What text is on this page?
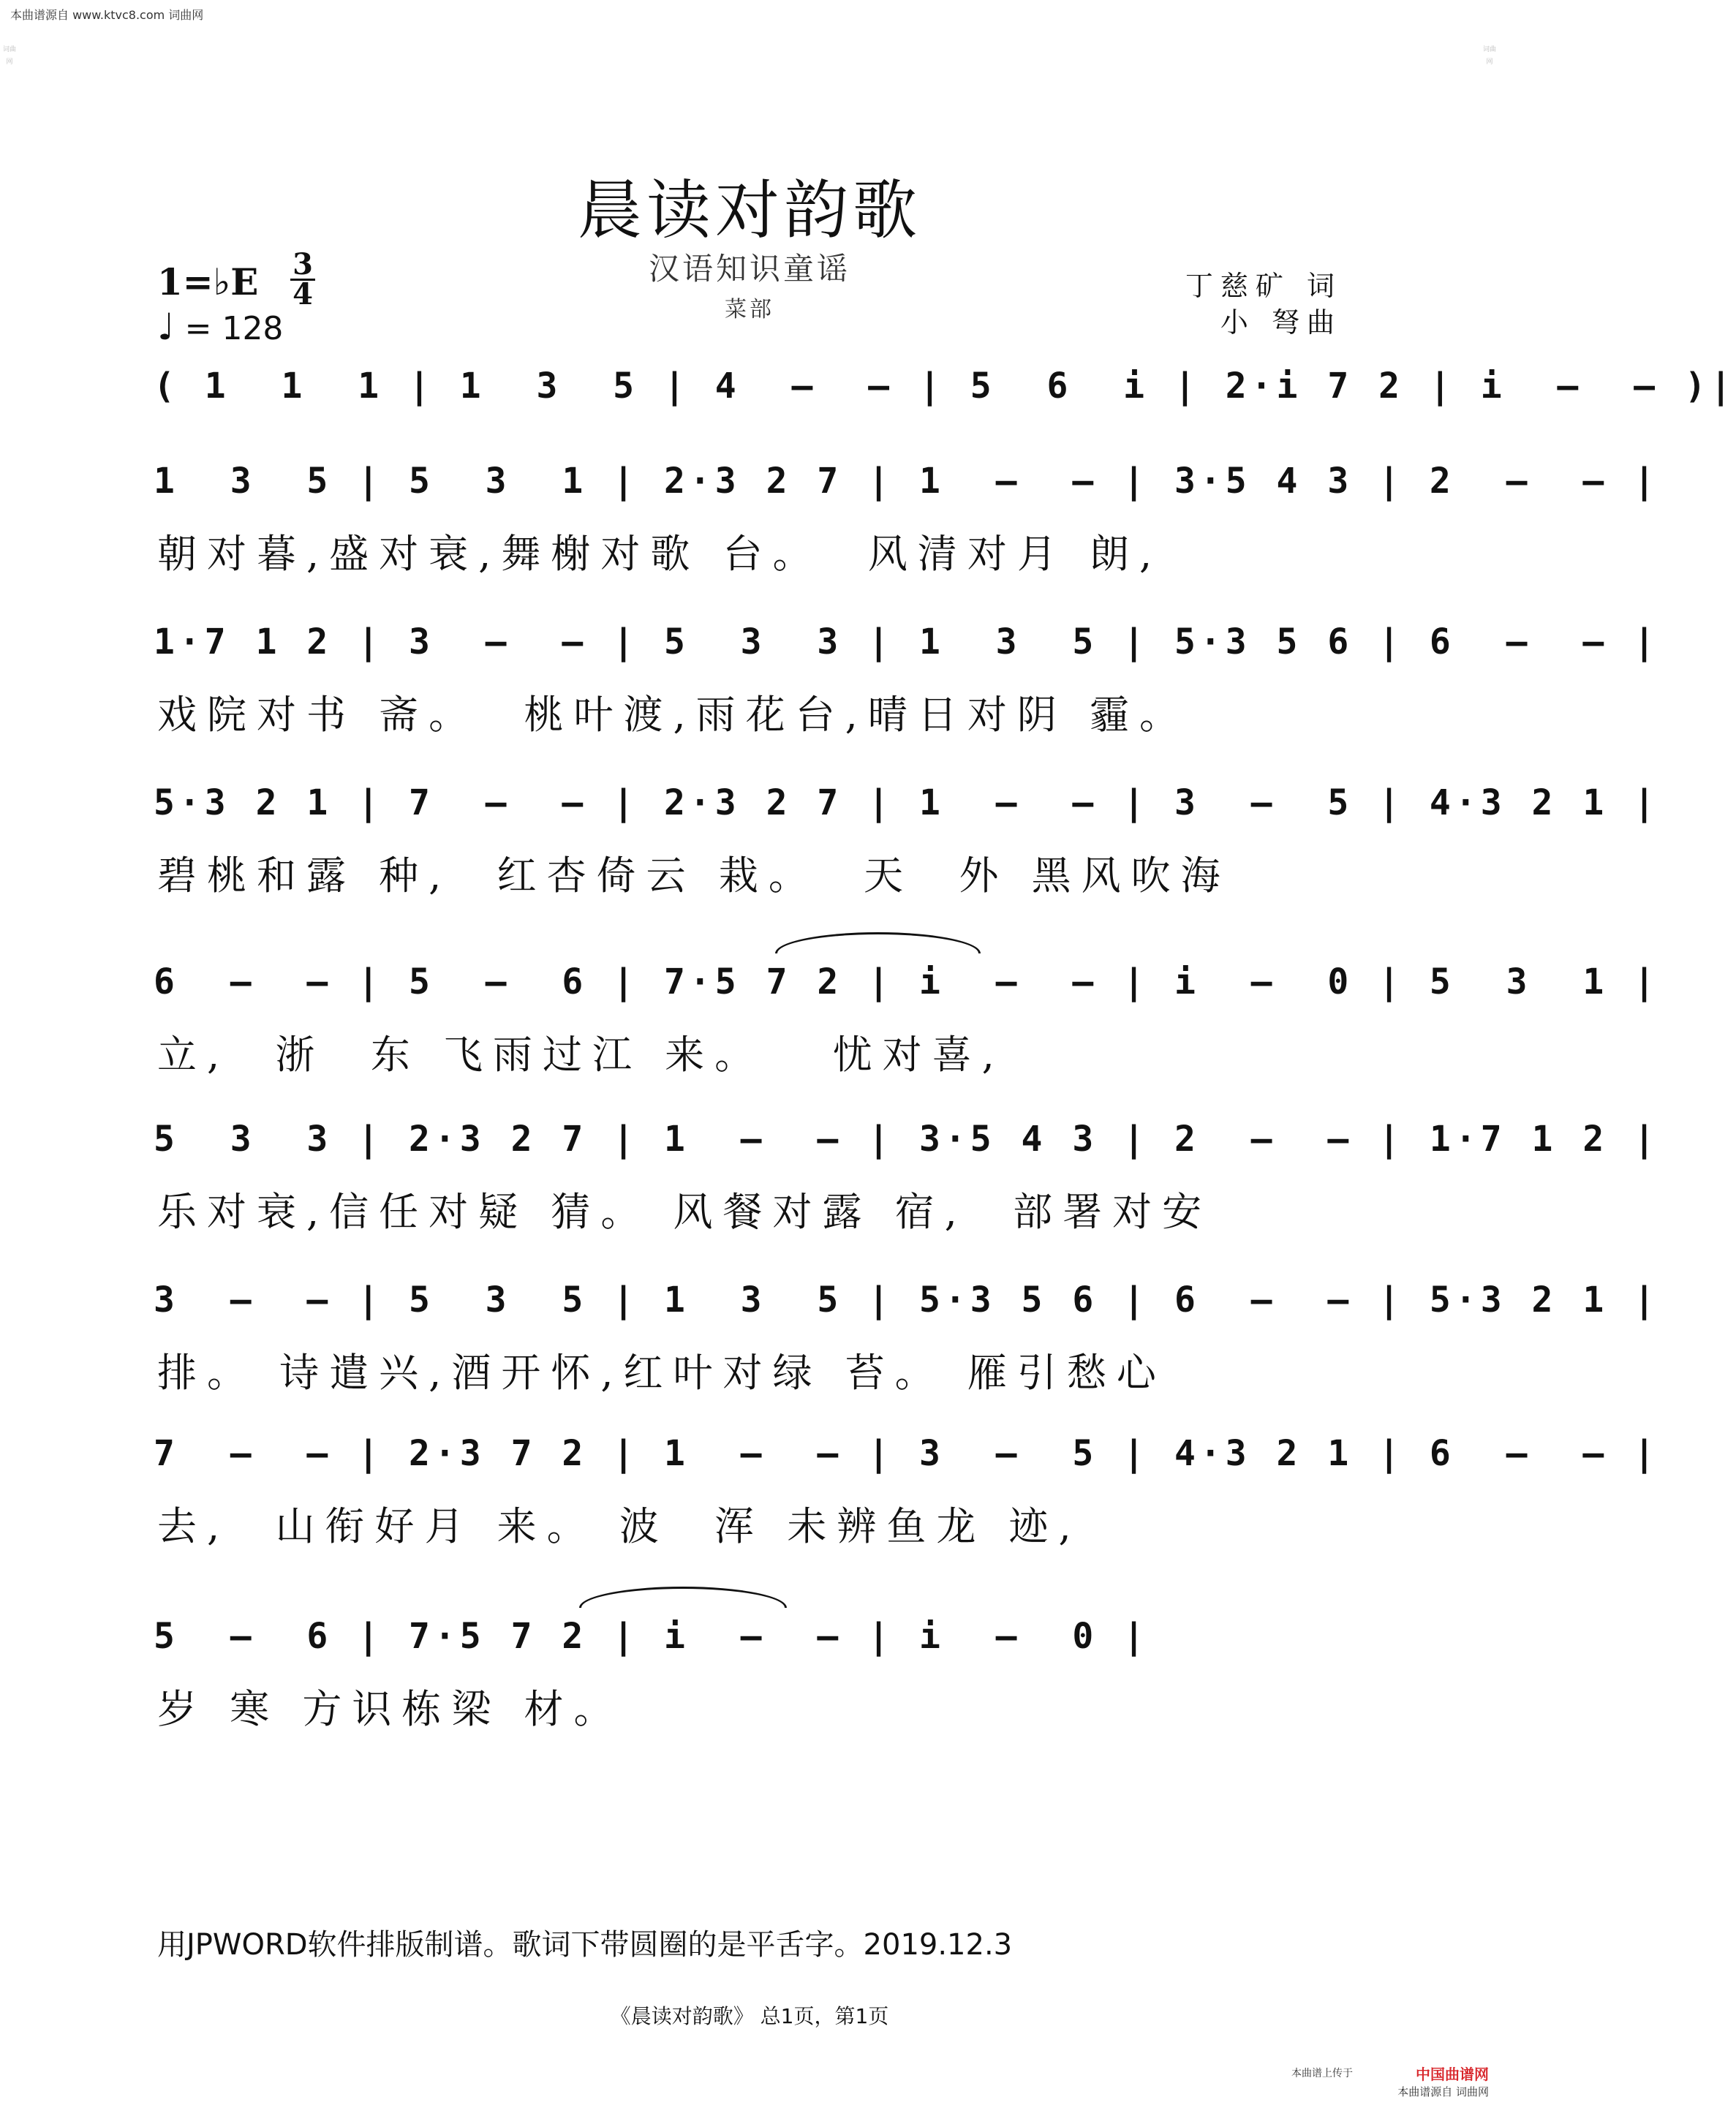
本曲谱源自 www.ktvc8.com 词曲网
词曲网
词曲网
晨读对韵歌
汉语知识童谣
菜部
1=♭E 3
4
♩ = 128
丁慈矿 词
小 弩曲
( 1  1  1 | 1  3  5 | 4  –  – | 5  6  i | 2·i 7 2 | i  –  – )|
1  3  5 | 5  3  1 | 2·3 2 7 | 1  –  – | 3·5 4 3 | 2  –  – |
朝对暮,盛对衰,舞榭对歌 台。  风清对月 朗,
1·7 1 2 | 3  –  – | 5  3  3 | 1  3  5 | 5·3 5 6 | 6  –  – |
戏院对书 斋。  桃叶渡,雨花台,晴日对阴 霾。
5·3 2 1 | 7  –  – | 2·3 2 7 | 1  –  – | 3  –  5 | 4·3 2 1 |
碧桃和露 种,  红杏倚云 栽。  天  外 黑风吹海
6  –  – | 5  –  6 | 7·5 7 2 | i  –  – | i  –  0 | 5  3  1 |
立,  浙  东 飞雨过江 来。   忧对喜,
5  3  3 | 2·3 2 7 | 1  –  – | 3·5 4 3 | 2  –  – | 1·7 1 2 |
乐对衰,信任对疑 猜。 风餐对露 宿,  部署对安
3  –  – | 5  3  5 | 1  3  5 | 5·3 5 6 | 6  –  – | 5·3 2 1 |
排。 诗遣兴,酒开怀,红叶对绿 苔。 雁引愁心
7  –  – | 2·3 7 2 | 1  –  – | 3  –  5 | 4·3 2 1 | 6  –  – |
去,  山衔好月 来。 波  浑 未辨鱼龙 迹,
5  –  6 | 7·5 7 2 | i  –  – | i  –  0 |
岁 寒 方识栋梁 材。
用JPWORD软件排版制谱。歌词下带圆圈的是平舌字。2019.12.3
《晨读对韵歌》 总1页，第1页
本曲谱上传于	中国曲谱网
本曲谱源自 词曲网
